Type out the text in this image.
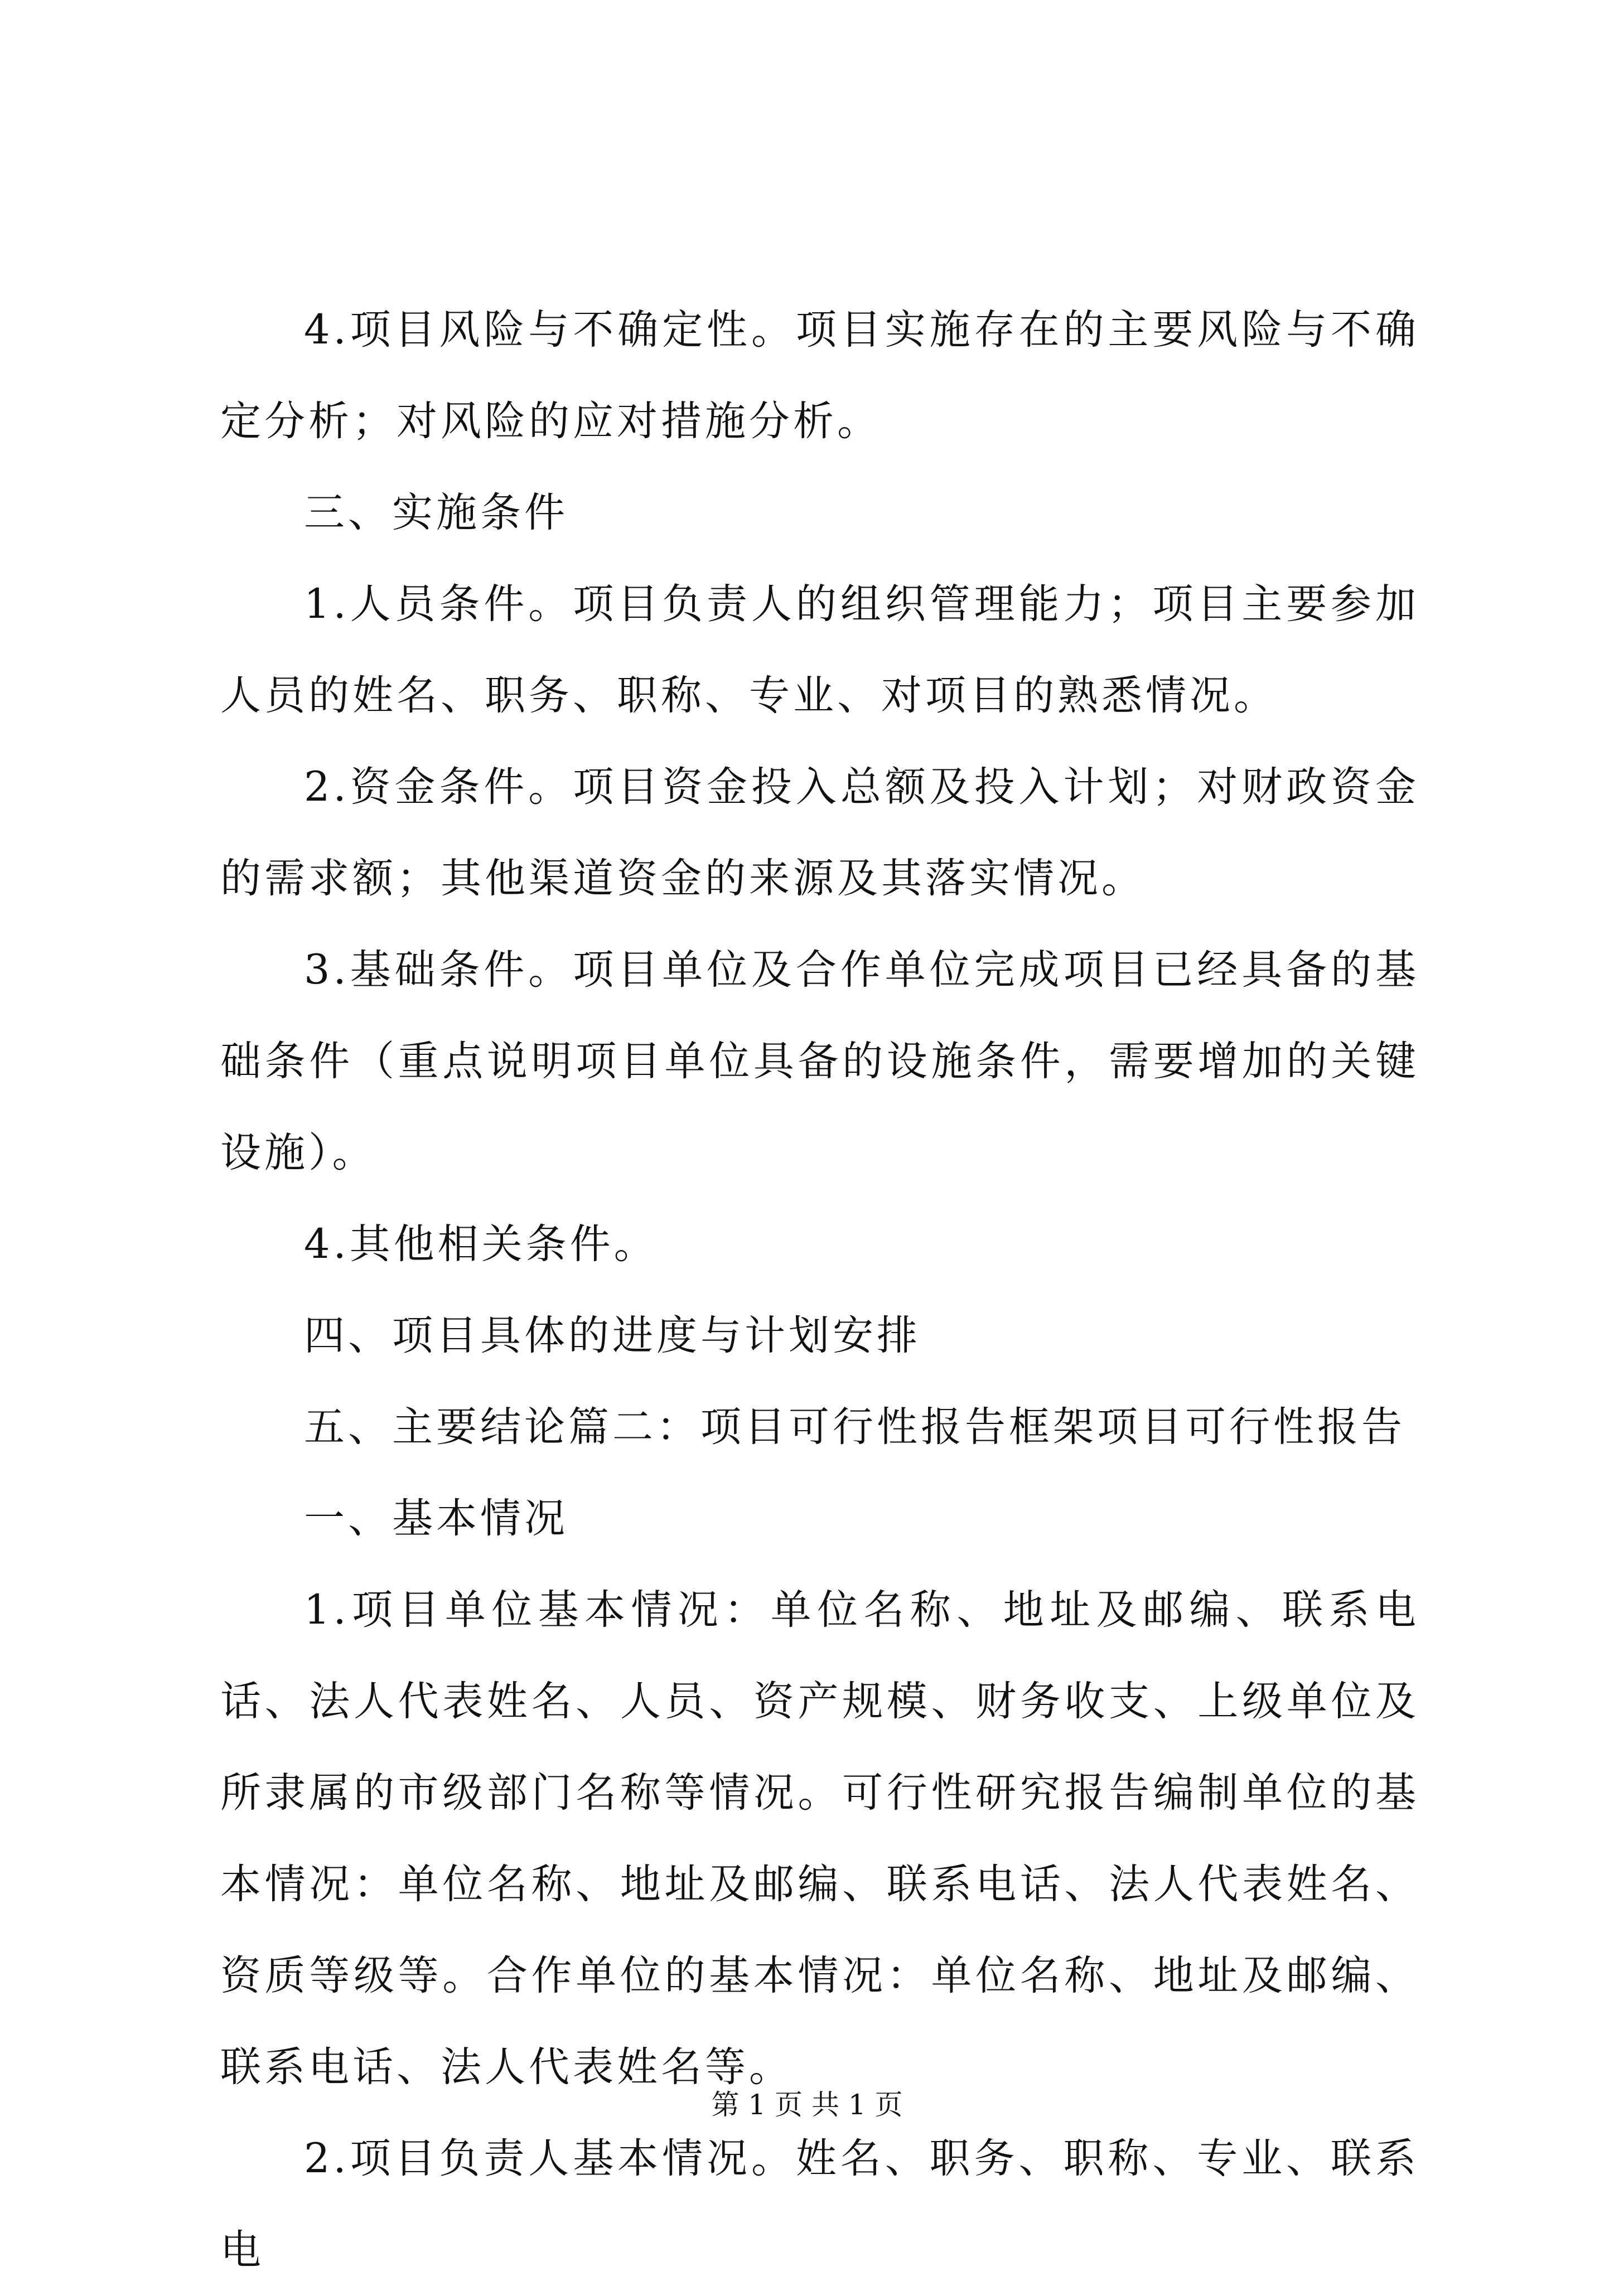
4.项目风险与不确定性。项目实施存在的主要风险与不确定分析；对风险的应对措施分析。

三、实施条件

1.人员条件。项目负责人的组织管理能力；项目主要参加人员的姓名、职务、职称、专业、对项目的熟悉情况。

2.资金条件。项目资金投入总额及投入计划；对财政资金的需求额；其他渠道资金的来源及其落实情况。

3.基础条件。项目单位及合作单位完成项目已经具备的基础条件（重点说明项目单位具备的设施条件，需要增加的关键设施）。

4.其他相关条件。

四、项目具体的进度与计划安排

五、主要结论篇二：项目可行性报告框架项目可行性报告

一、基本情况

1.项目单位基本情况：单位名称、地址及邮编、联系电话、法人代表姓名、人员、资产规模、财务收支、上级单位及所隶属的市级部门名称等情况。可行性研究报告编制单位的基本情况：单位名称、地址及邮编、联系电话、法人代表姓名、资质等级等。合作单位的基本情况：单位名称、地址及邮编、联系电话、法人代表姓名等。

2.项目负责人基本情况。姓名、职务、职称、专业、联系电

第 1 页 共 1 页
